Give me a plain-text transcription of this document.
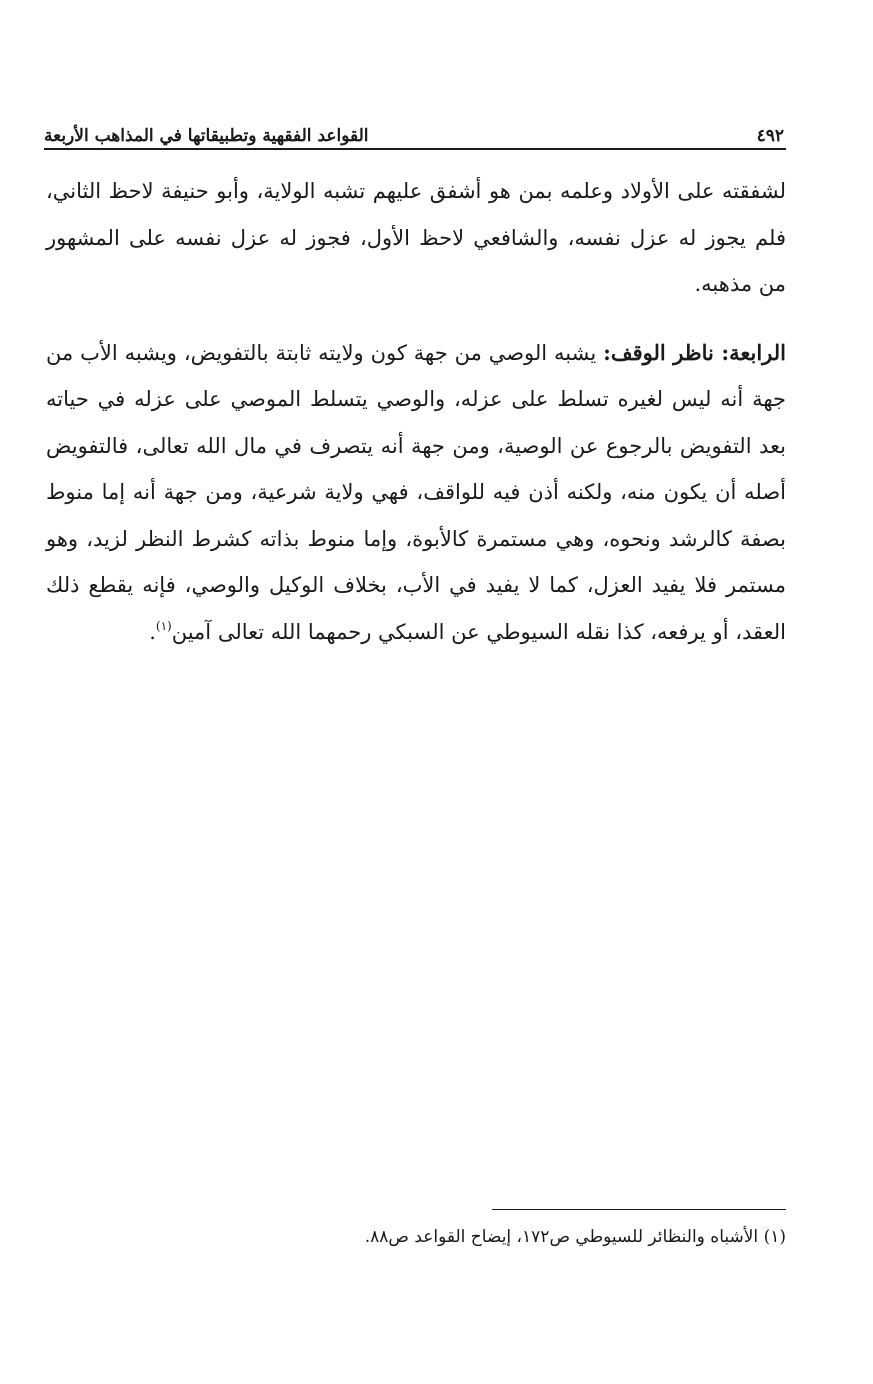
٤٩٢
القواعد الفقهية وتطبيقاتها في المذاهب الأربعة

لشفقته على الأولاد وعلمه بمن هو أشفق عليهم تشبه الولاية، وأبو حنيفة لاحظ الثاني، فلم يجوز له عزل نفسه، والشافعي لاحظ الأول، فجوز له عزل نفسه على المشهور من مذهبه.

الرابعة: ناظر الوقف: يشبه الوصي من جهة كون ولايته ثابتة بالتفويض، ويشبه الأب من جهة أنه ليس لغيره تسلط على عزله، والوصي يتسلط الموصي على عزله في حياته بعد التفويض بالرجوع عن الوصية، ومن جهة أنه يتصرف في مال الله تعالى، فالتفويض أصله أن يكون منه، ولكنه أذن فيه للواقف، فهي ولاية شرعية، ومن جهة أنه إما منوط بصفة كالرشد ونحوه، وهي مستمرة كالأبوة، وإما منوط بذاته كشرط النظر لزيد، وهو مستمر فلا يفيد العزل، كما لا يفيد في الأب، بخلاف الوكيل والوصي، فإنه يقطع ذلك العقد، أو يرفعه، كذا نقله السيوطي عن السبكي رحمهما الله تعالى آمين$^{(١)}$.

(١) الأشباه والنظائر للسيوطي ص١٧٢، إيضاح القواعد ص٨٨.
